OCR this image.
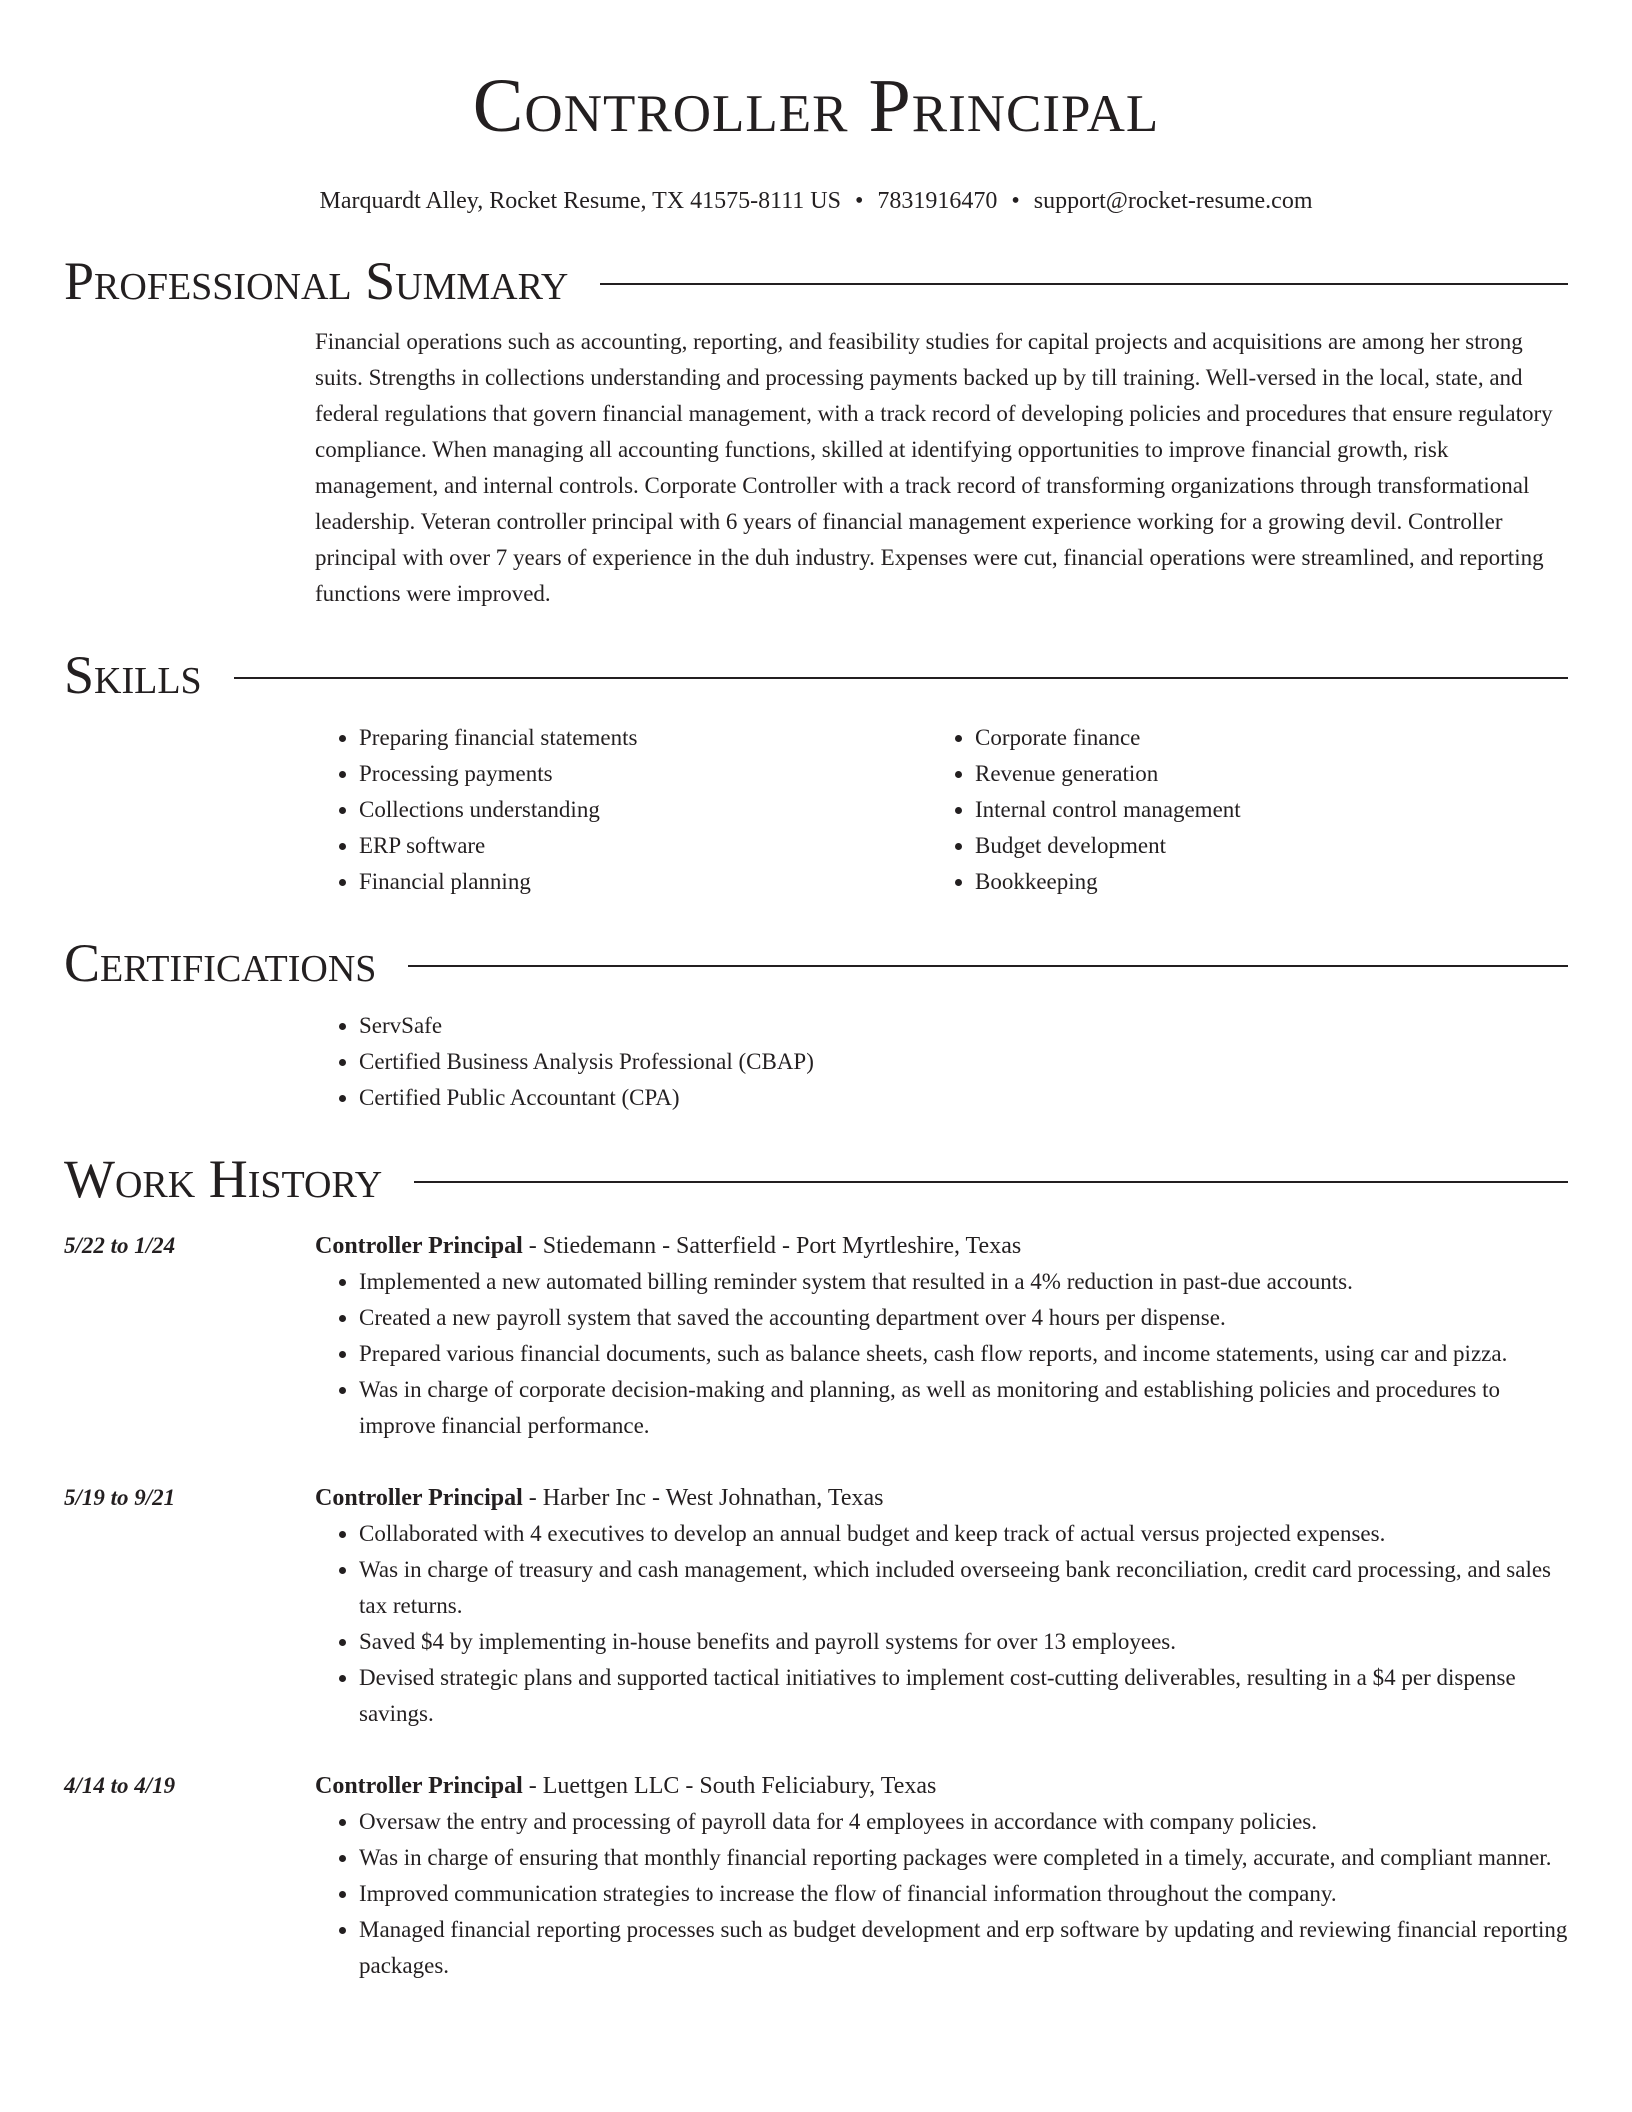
Controller Principal
Marquardt Alley, Rocket Resume, TX 41575-8111 US • 7831916470 • support@rocket-resume.com
Professional Summary
Financial operations such as accounting, reporting, and feasibility studies for capital projects and acquisitions are among her strong suits. Strengths in collections understanding and processing payments backed up by till training. Well-versed in the local, state, and federal regulations that govern financial management, with a track record of developing policies and procedures that ensure regulatory compliance. When managing all accounting functions, skilled at identifying opportunities to improve financial growth, risk management, and internal controls. Corporate Controller with a track record of transforming organizations through transformational leadership. Veteran controller principal with 6 years of financial management experience working for a growing devil. Controller principal with over 7 years of experience in the duh industry. Expenses were cut, financial operations were streamlined, and reporting functions were improved.
Skills
• Preparing financial statements
• Processing payments
• Collections understanding
• ERP software
• Financial planning
• Corporate finance
• Revenue generation
• Internal control management
• Budget development
• Bookkeeping
Certifications
• ServSafe
• Certified Business Analysis Professional (CBAP)
• Certified Public Accountant (CPA)
Work History
5/22 to 1/24	Controller Principal - Stiedemann - Satterfield - Port Myrtleshire, Texas
• Implemented a new automated billing reminder system that resulted in a 4% reduction in past-due accounts.
• Created a new payroll system that saved the accounting department over 4 hours per dispense.
• Prepared various financial documents, such as balance sheets, cash flow reports, and income statements, using car and pizza.
• Was in charge of corporate decision-making and planning, as well as monitoring and establishing policies and procedures to improve financial performance.
5/19 to 9/21	Controller Principal - Harber Inc - West Johnathan, Texas
• Collaborated with 4 executives to develop an annual budget and keep track of actual versus projected expenses.
• Was in charge of treasury and cash management, which included overseeing bank reconciliation, credit card processing, and sales tax returns.
• Saved $4 by implementing in-house benefits and payroll systems for over 13 employees.
• Devised strategic plans and supported tactical initiatives to implement cost-cutting deliverables, resulting in a $4 per dispense savings.
4/14 to 4/19	Controller Principal - Luettgen LLC - South Feliciabury, Texas
• Oversaw the entry and processing of payroll data for 4 employees in accordance with company policies.
• Was in charge of ensuring that monthly financial reporting packages were completed in a timely, accurate, and compliant manner.
• Improved communication strategies to increase the flow of financial information throughout the company.
• Managed financial reporting processes such as budget development and erp software by updating and reviewing financial reporting packages.
